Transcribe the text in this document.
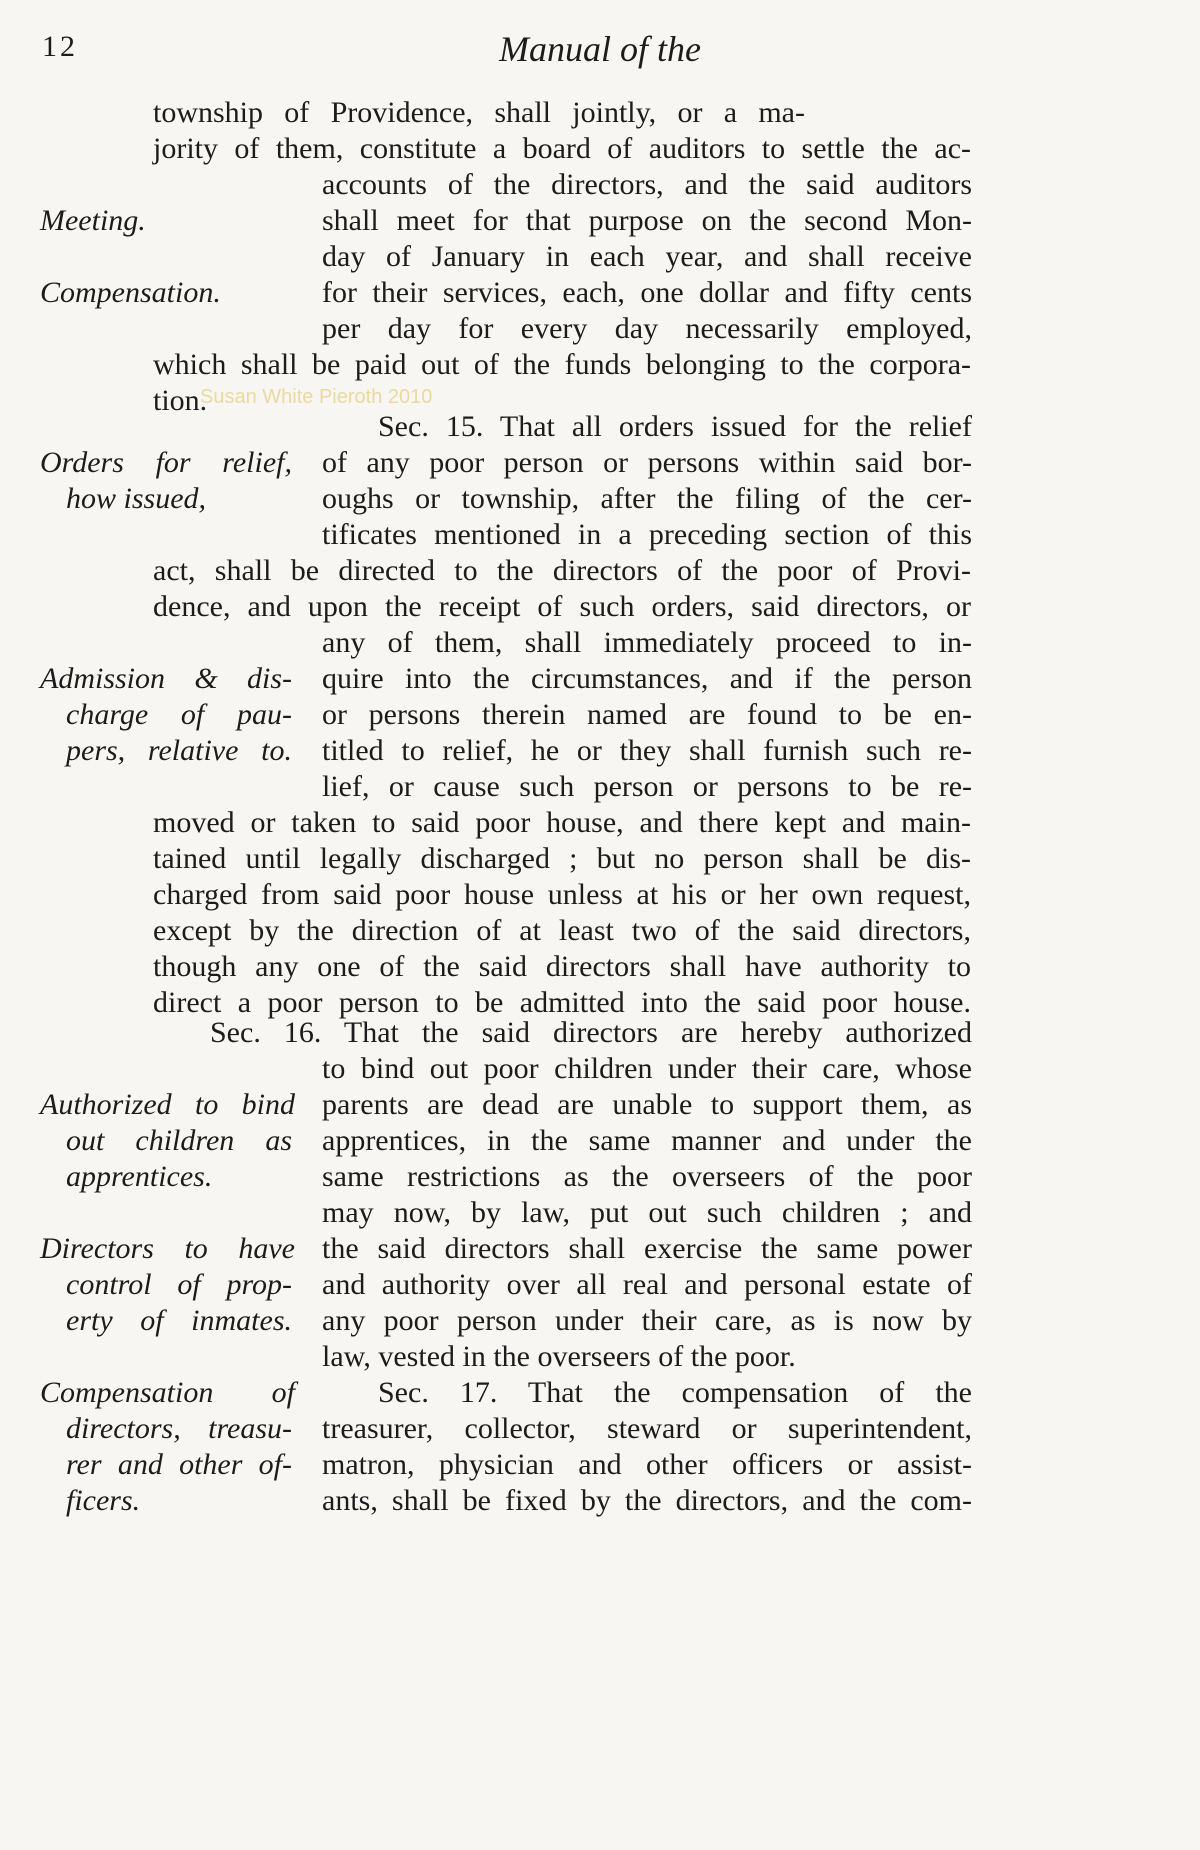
12	Manual of the
Susan White Pieroth 2010
township of Providence, shall jointly, or a ma-
jority of them, constitute a board of auditors to settle the ac-
accounts of the directors, and the said auditors
shall meet for that purpose on the second Mon-
day of January in each year, and shall receive
for their services, each, one dollar and fifty cents
per day for every day necessarily employed,
which shall be paid out of the funds belonging to the corpora-
tion.
Sec. 15. That all orders issued for the relief
of any poor person or persons within said bor-
oughs or township, after the filing of the cer-
tificates mentioned in a preceding section of this
act, shall be directed to the directors of the poor of Provi-
dence, and upon the receipt of such orders, said directors, or
any of them, shall immediately proceed to in-
quire into the circumstances, and if the person
or persons therein named are found to be en-
titled to relief, he or they shall furnish such re-
lief, or cause such person or persons to be re-
moved or taken to said poor house, and there kept and main-
tained until legally discharged ; but no person shall be dis-
charged from said poor house unless at his or her own request,
except by the direction of at least two of the said directors,
though any one of the said directors shall have authority to
direct a poor person to be admitted into the said poor house.
Sec. 16. That the said directors are hereby authorized
to bind out poor children under their care, whose
parents are dead are unable to support them, as
apprentices, in the same manner and under the
same restrictions as the overseers of the poor
may now, by law, put out such children ; and
the said directors shall exercise the same power
and authority over all real and personal estate of
any poor person under their care, as is now by
law, vested in the overseers of the poor.
Sec. 17. That the compensation of the
treasurer, collector, steward or superintendent,
matron, physician and other officers or assist-
ants, shall be fixed by the directors, and the com-
Meeting.
Compensation.
Orders for relief,
how issued,
Admission & dis-
charge of pau-
pers, relative to.
Authorized to bind
out children as
apprentices.
Directors to have
control of prop-
erty of inmates.
Compensation of
directors, treasu-
rer and other of-
ficers.
